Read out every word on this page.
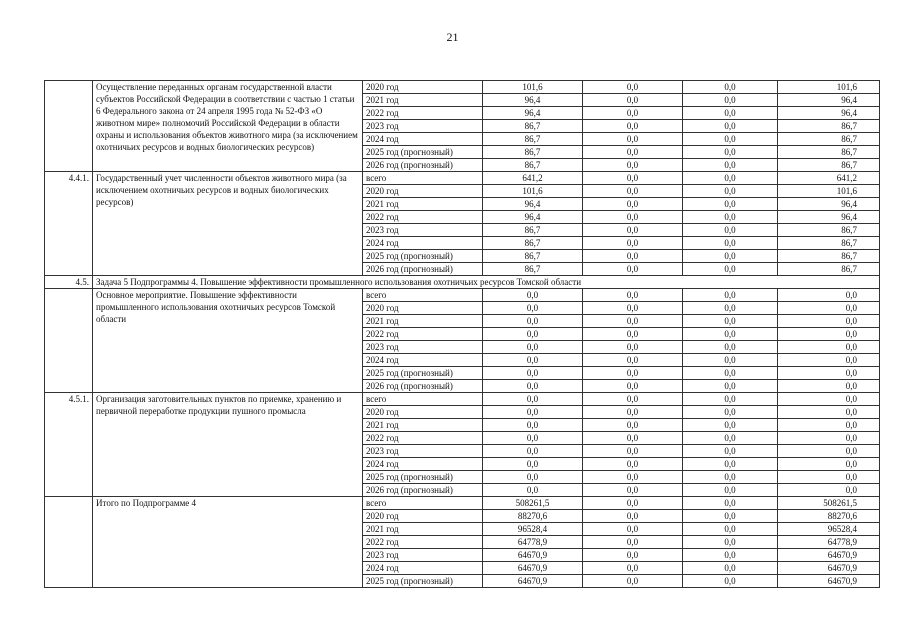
21
	Осуществление переданных органам государственной власти субъектов Российской Федерации в соответствии с частью 1 статьи 6 Федерального закона от 24 апреля 1995 года № 52-ФЗ «О животном мире» полномочий Российской Федерации в области охраны и использования объектов животного мира (за исключением охотничьих ресурсов и водных биологических ресурсов)	2020 год	101,6	0,0	0,0	101,6
		2021 год	96,4	0,0	0,0	96,4
		2022 год	96,4	0,0	0,0	96,4
		2023 год	86,7	0,0	0,0	86,7
		2024 год	86,7	0,0	0,0	86,7
		2025 год (прогнозный)	86,7	0,0	0,0	86,7
		2026 год (прогнозный)	86,7	0,0	0,0	86,7
4.4.1.	Государственный учет численности объектов животного мира (за исключением охотничьих ресурсов и водных биологических ресурсов)	всего	641,2	0,0	0,0	641,2
		2020 год	101,6	0,0	0,0	101,6
		2021 год	96,4	0,0	0,0	96,4
		2022 год	96,4	0,0	0,0	96,4
		2023 год	86,7	0,0	0,0	86,7
		2024 год	86,7	0,0	0,0	86,7
		2025 год (прогнозный)	86,7	0,0	0,0	86,7
		2026 год (прогнозный)	86,7	0,0	0,0	86,7
4.5.	Задача 5 Подпрограммы 4. Повышение эффективности промышленного использования охотничьих ресурсов Томской области					
	Основное мероприятие. Повышение эффективности промышленного использования охотничьих ресурсов Томской области	всего	0,0	0,0	0,0	0,0
		2020 год	0,0	0,0	0,0	0,0
		2021 год	0,0	0,0	0,0	0,0
		2022 год	0,0	0,0	0,0	0,0
		2023 год	0,0	0,0	0,0	0,0
		2024 год	0,0	0,0	0,0	0,0
		2025 год (прогнозный)	0,0	0,0	0,0	0,0
		2026 год (прогнозный)	0,0	0,0	0,0	0,0
4.5.1.	Организация заготовительных пунктов по приемке, хранению и первичной переработке продукции пушного промысла	всего	0,0	0,0	0,0	0,0
		2020 год	0,0	0,0	0,0	0,0
		2021 год	0,0	0,0	0,0	0,0
		2022 год	0,0	0,0	0,0	0,0
		2023 год	0,0	0,0	0,0	0,0
		2024 год	0,0	0,0	0,0	0,0
		2025 год (прогнозный)	0,0	0,0	0,0	0,0
		2026 год (прогнозный)	0,0	0,0	0,0	0,0
	Итого по Подпрограмме 4	всего	508261,5	0,0	0,0	508261,5
		2020 год	88270,6	0,0	0,0	88270,6
		2021 год	96528,4	0,0	0,0	96528,4
		2022 год	64778,9	0,0	0,0	64778,9
		2023 год	64670,9	0,0	0,0	64670,9
		2024 год	64670,9	0,0	0,0	64670,9
		2025 год (прогнозный)	64670,9	0,0	0,0	64670,9
